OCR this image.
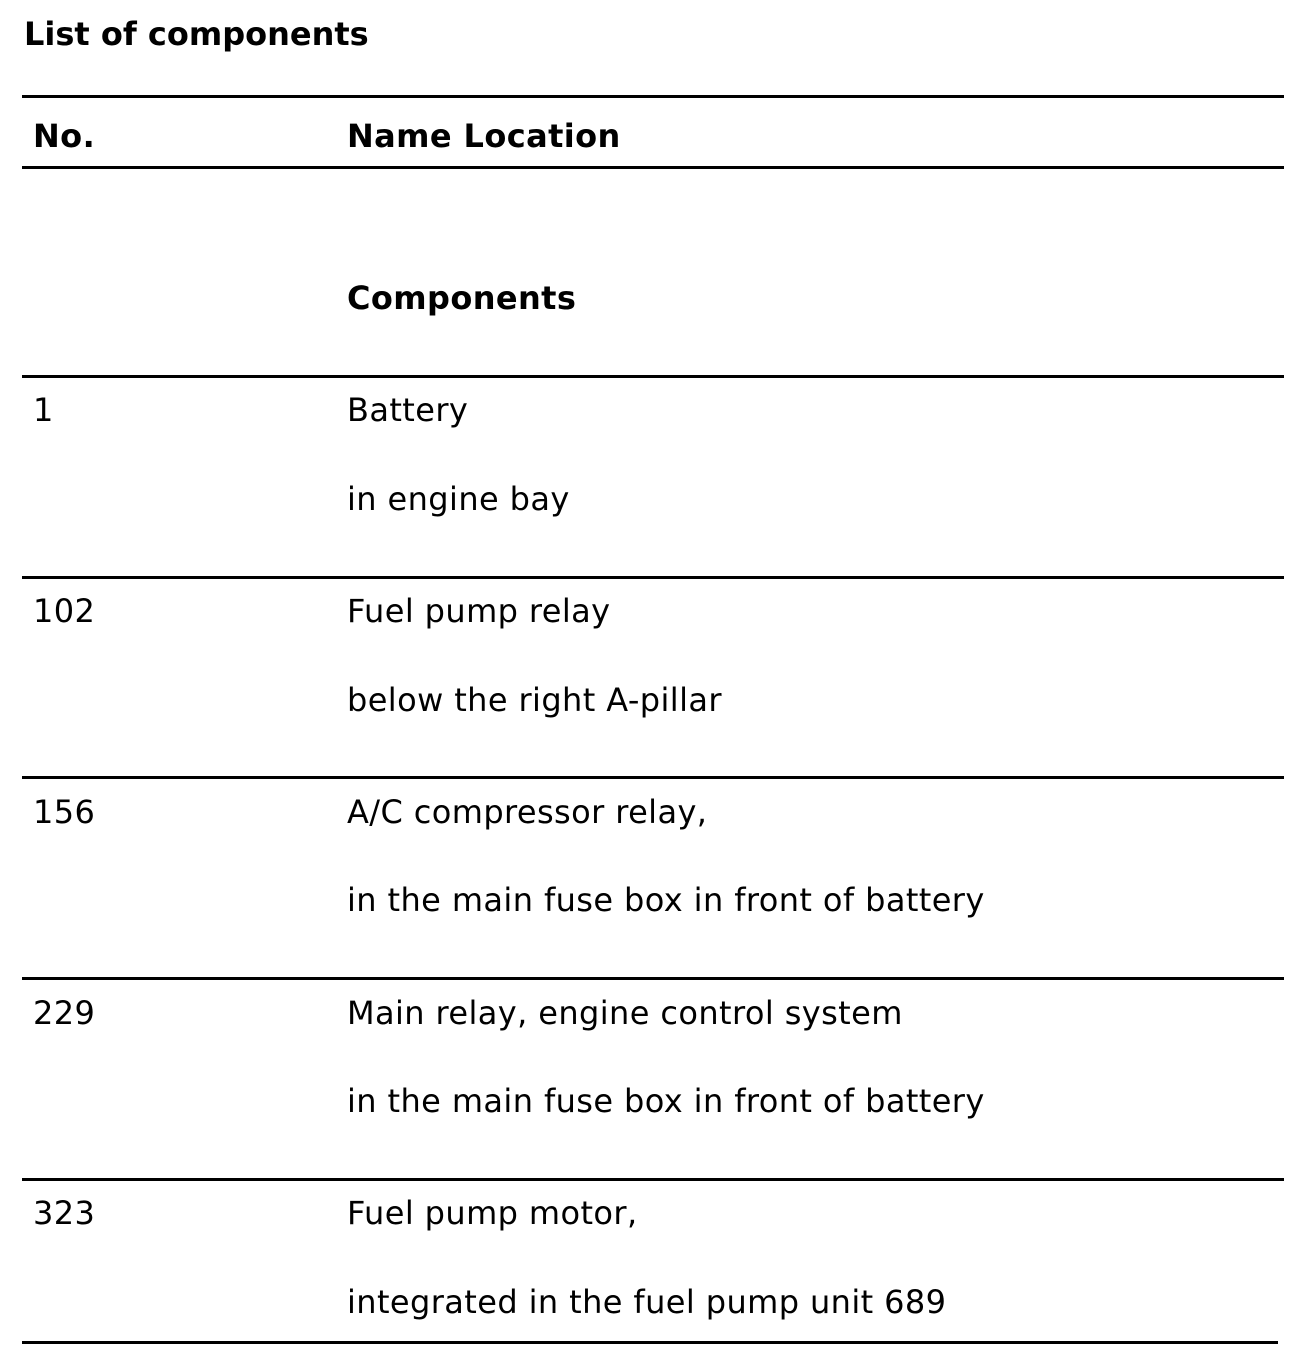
List of components
No.	Name Location
Components
1	Battery
in engine bay
102	Fuel pump relay
below the right A-pillar
156	A/C compressor relay,
in the main fuse box in front of battery
229	Main relay, engine control system
in the main fuse box in front of battery
323	Fuel pump motor,
integrated in the fuel pump unit 689
